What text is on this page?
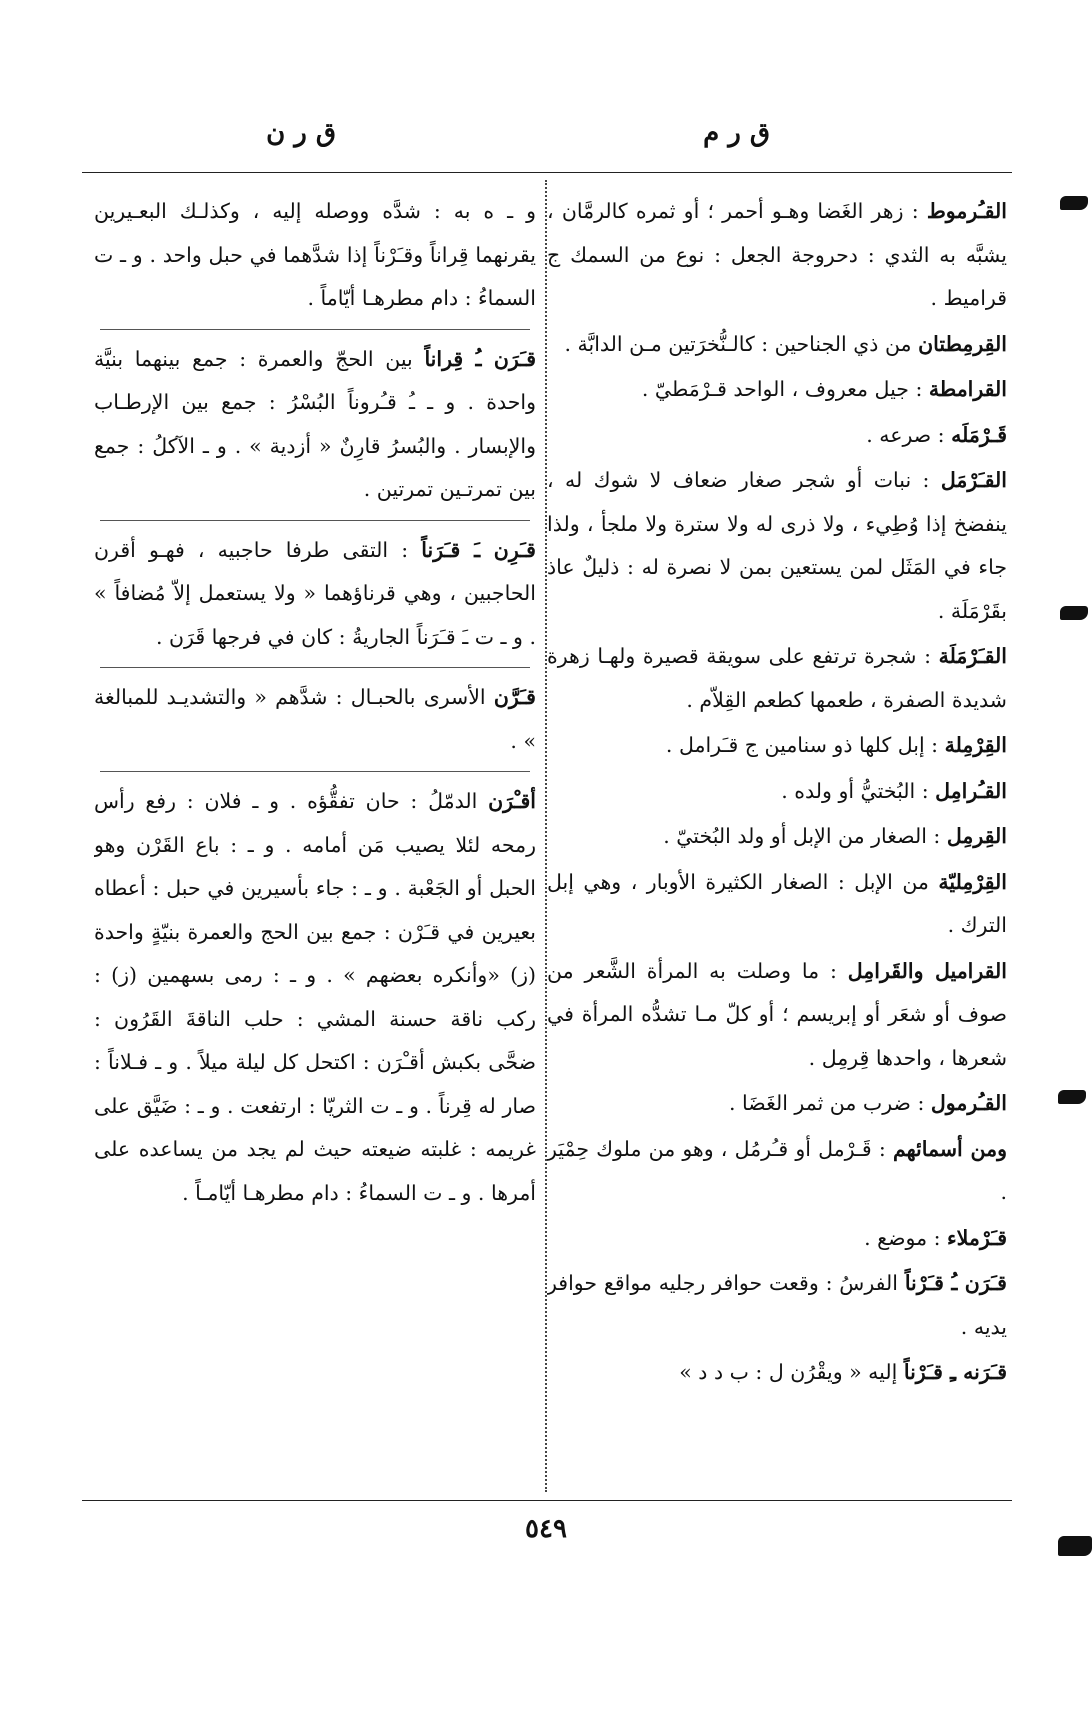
ق ر م
ق ر ن
القـُرموط : زهر الغَضا وهـو أحمر ؛ أو ثمره كالرمَّان ، يشبَّه به الثدي : دحروجة الجعل : نوع من السمك ج قراميط .
القِرمِطتان من ذي الجناحين : كالـنُّخرَتين مـن الدابَّة .
القرامطة : جيل معروف ، الواحد قـرْمَطيّ .
قَـرْمَلَه : صرعه .
القـَرْمَل : نبات أو شجر صغار ضعاف لا شوك له ، ينفضخ إذا وُطِيء ، ولا ذرى له ولا سترة ولا ملجأ ، ولذا جاء في المَثَل لمن يستعين بمن لا نصرة له : ذليلٌ عاذ بقَرْمَلَة .
القـَرْمَلَة : شجرة ترتفع على سويقة قصيرة ولهـا زهرة شديدة الصفرة ، طعمها كطعم القِلاّم .
القِرْمِلة : إبل كلها ذو سنامين ج قـَرامل .
القـُرامِل : البُختيُّ أو ولده .
القِرمِل : الصغار من الإبل أو ولد البُختيّ .
القِرْمِليّة من الإبل : الصغار الكثيرة الأوبار ، وهي إبل الترك .
القراميل والقَرامِل : ما وصلت به المرأة الشَّعر من صوف أو شعَر أو إبريسم ؛ أو كلّ مـا تشدُّه المرأة في شعرها ، واحدها قِرمِل .
القـُرمول : ضرب من ثمر الغَضَا .
ومن أسمائهم : قَـرْمل أو قـُرمُل ، وهو من ملوك حِمْيَر .
قـَرْملاء : موضع .
قـَرَن ـُ قـَرْناً الفرسُ : وقعت حوافر رجليه مواقع حوافر يديه .
قـَرَنه ـِ قـَرْناً إليه « ويقْرُن ل : ب د د »
و ـ ه به : شدَّه ووصله إليه ، وكذلـك البعـيرين يقرنهما قِراناً وقـَرْناً إذا شدَّهما في حبل واحد . و ـ ت السماءُ : دام مطرهـا أيّاماً .
قـَرَن ـُ قِراناً بين الحجّ والعمرة : جمع بينهما بنيَّة واحدة . و ـ ـُ قـُروناً البُسْرُ : جمع بين الإرطـاب والإبسار . والبُسرُ قارِنٌ « أزدية » . و ـ الآكلُ : جمع بين تمرتـين تمرتين .
قـَرِن ـَ قـَرَناً : التقى طرفا حاجبيه ، فهـو أقرن الحاجبين ، وهي قرناؤهما « ولا يستعمل إلاّ مُضافاً » . و ـ ت ـَ قـَرَناً الجاريةُ : كان في فرجها قَرَن .
قـَرَّن الأسرى بالحبـال : شدَّهم « والتشديـد للمبالغة » .
أقـْرَن الدمّلُ : حان تفقُّؤه . و ـ فلان : رفع رأس رمحه لئلا يصيب مَن أمامه . و ـ : باع القَرْن وهو الحبل أو الجَعْبة . و ـ : جاء بأسيرين في حبل : أعطاه بعيرين في قـَرْن : جمع بين الحج والعمرة بنيّةٍ واحدة (ز) «وأنكره بعضهم » . و ـ : رمى بسهمين (ز) : ركب ناقة حسنة المشي : حلب الناقةَ القَرُون : ضحَّى بكبش أقـْرَن : اكتحل كل ليلة ميلاً . و ـ فـلاناً : صار له قِرناً . و ـ ت الثريّا : ارتفعت . و ـ : ضَيَّق على غريمه : غلبته ضيعته حيث لم يجد من يساعده على أمرها . و ـ ت السماءُ : دام مطرهـا أيّامـاً .
٥٤٩
